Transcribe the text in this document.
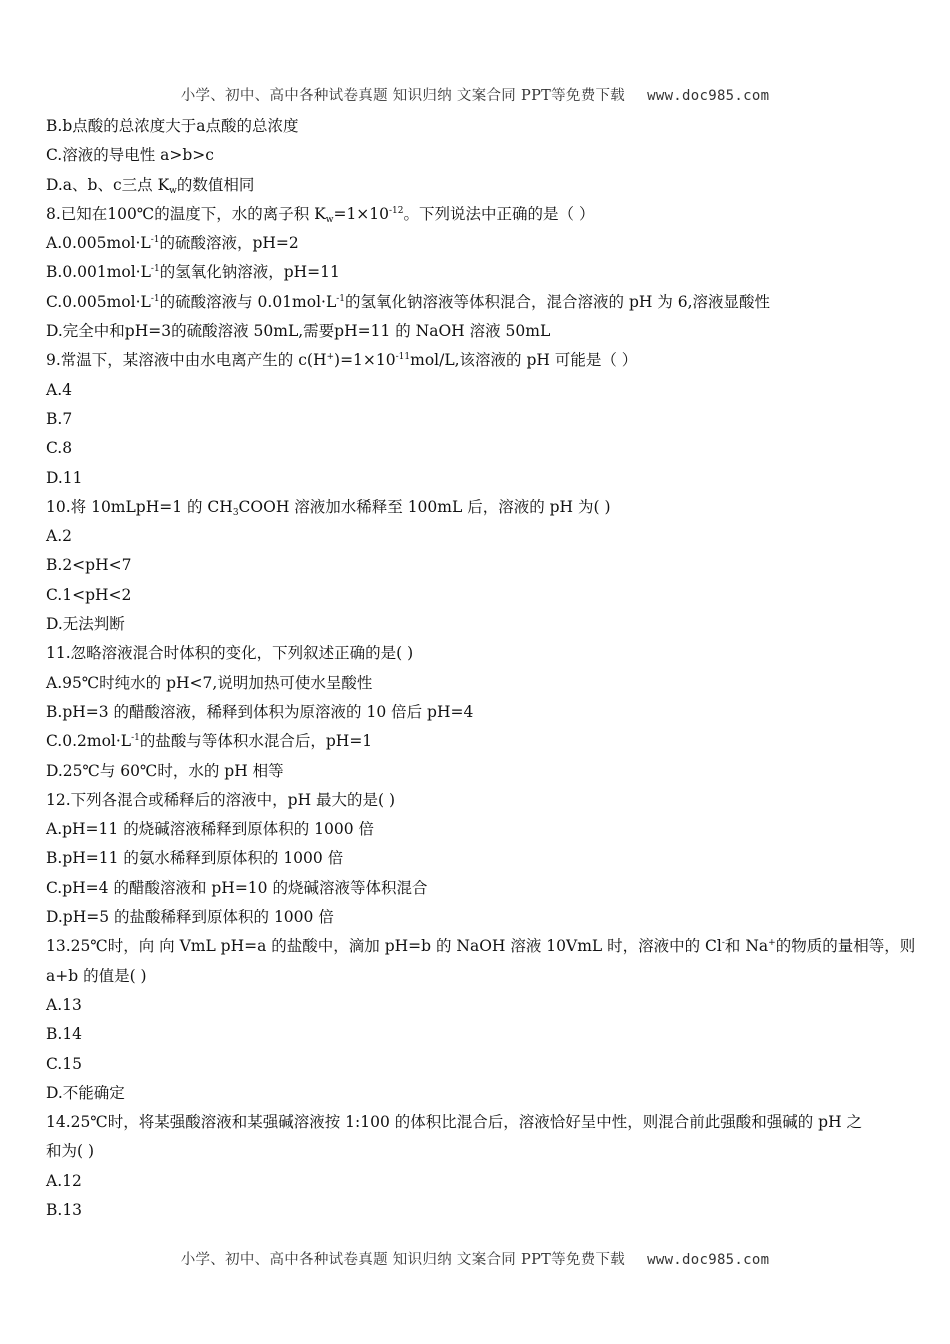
小学、初中、高中各种试卷真题 知识归纳 文案合同 PPT等免费下载 www.doc985.com
B.b点酸的总浓度大于a点酸的总浓度
C.溶液的导电性 a>b>c
D.a、b、c三点 $K_w$的数值相同
8.已知在100℃的温度下，水的离子积 $K_w=1\times 10^{-12}$。下列说法中正确的是（ ）
$A.0.005mol\cdot L^{-1}$的硫酸溶液，pH=2
$B.0.001mol\cdot L^{-1}$的氢氧化钠溶液，pH=11
$C.0.005mol\cdot L^{-1}$的硫酸溶液与 $0.01mol\cdot L^{-1}$的氢氧化钠溶液等体积混合，混合溶液的 pH 为 6,溶液显酸性
D.完全中和pH=3的硫酸溶液 50mL,需要pH=11 的 NaOH 溶液 50mL
9.常温下，某溶液中由水电离产生的 $c(H^+)=1\times 10^{-11}mol/L$,该溶液的 pH 可能是（ ）
A.4
B.7
C.8
D.11
10.将 10mLpH=1 的 $CH_3COOH$ 溶液加水稀释至 100mL 后，溶液的 pH 为( )
A.2
B.2<pH<7
C.1<pH<2
D.无法判断
11.忽略溶液混合时体积的变化，下列叙述正确的是( )
A.95℃时纯水的 pH<7,说明加热可使水呈酸性
B.pH=3 的醋酸溶液，稀释到体积为原溶液的 10 倍后 pH=4
$C.0.2mol\cdot L^{-1}$的盐酸与等体积水混合后，pH=1
D.25℃与 60℃时，水的 pH 相等
12.下列各混合或稀释后的溶液中，pH 最大的是( )
A.pH=11 的烧碱溶液稀释到原体积的 1000 倍
B.pH=11 的氨水稀释到原体积的 1000 倍
C.pH=4 的醋酸溶液和 pH=10 的烧碱溶液等体积混合
D.pH=5 的盐酸稀释到原体积的 1000 倍
13.25℃时，向 向 VmL pH=a 的盐酸中，滴加 pH=b 的 NaOH 溶液 10VmL 时，溶液中的 Cl-和 Na+的物质的量相等，则
a+b 的值是( )
A.13
B.14
C.15
D.不能确定
14.25℃时，将某强酸溶液和某强碱溶液按 1:100 的体积比混合后，溶液恰好呈中性，则混合前此强酸和强碱的 pH 之
和为( )
A.12
B.13
小学、初中、高中各种试卷真题 知识归纳 文案合同 PPT等免费下载 www.doc985.com
